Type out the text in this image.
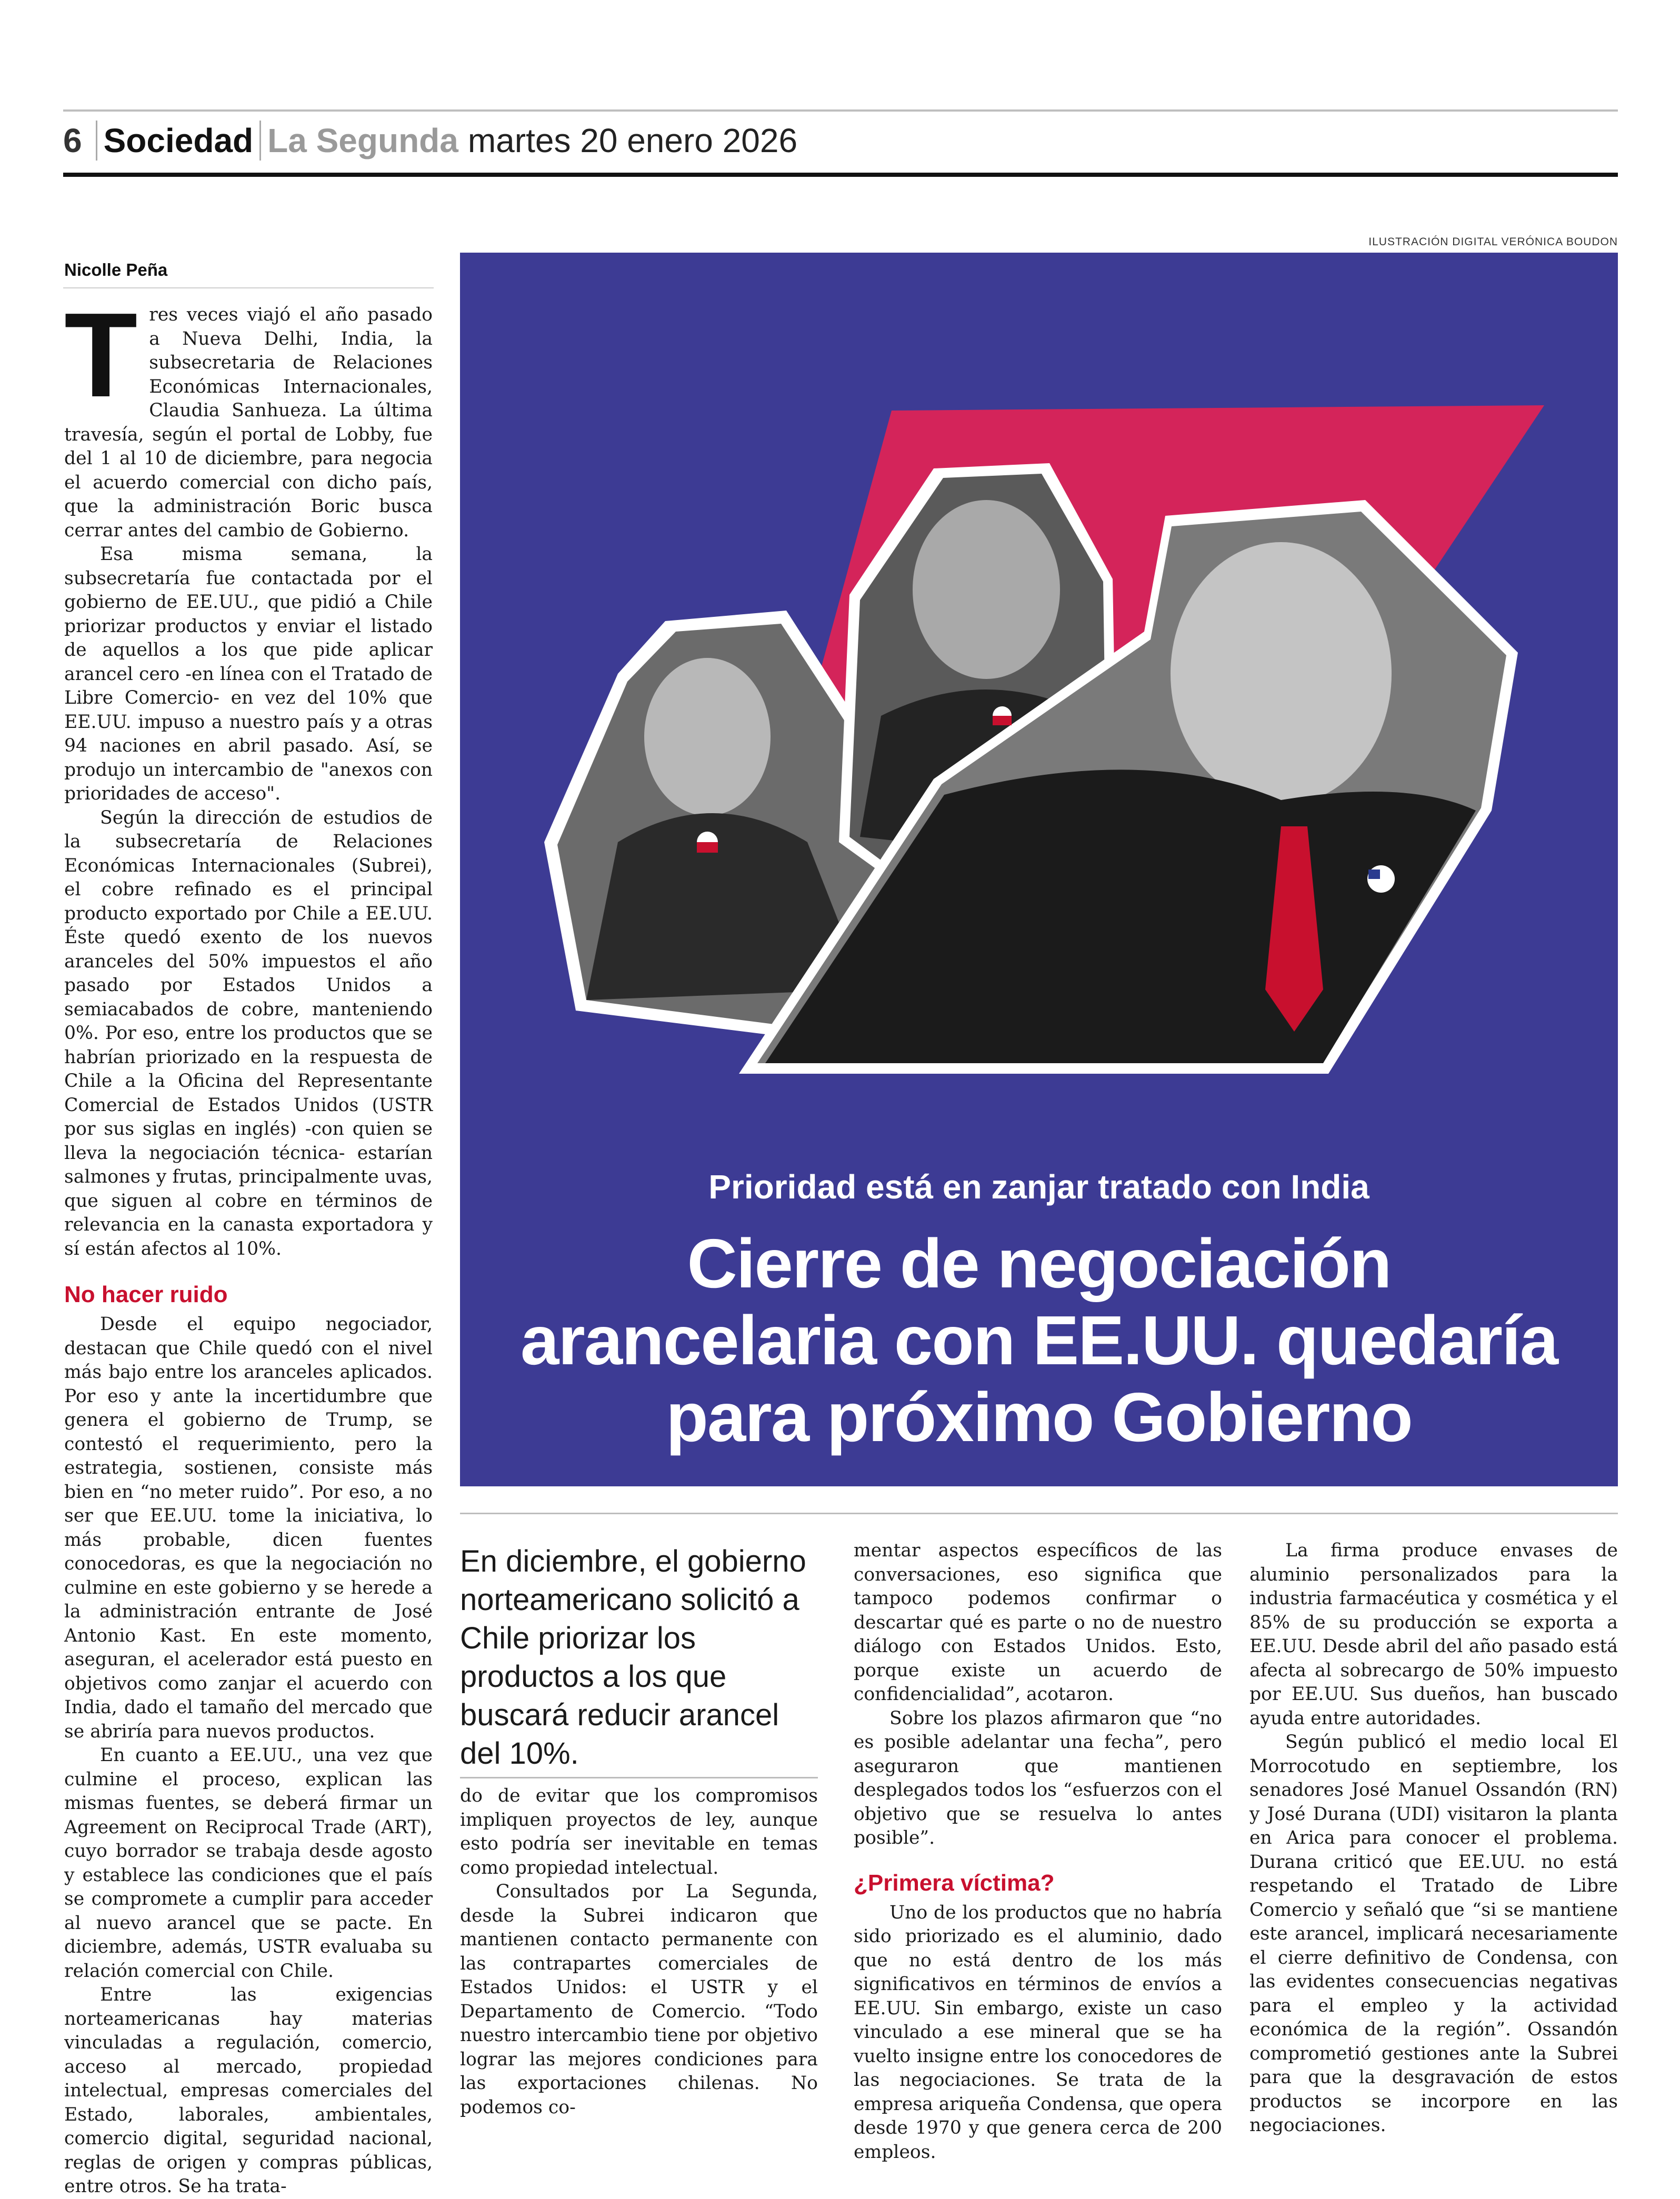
6 Sociedad La Segunda martes 20 enero 2026
ILUSTRACIÓN DIGITAL VERÓNICA BOUDON
Nicolle Peña
T res veces viajó el año pasado a Nueva Delhi, India, la subsecretaria de Relaciones Económicas Internacionales, Claudia Sanhueza. La última travesía, según el portal de Lobby, fue del 1 al 10 de diciembre, para negocia el acuerdo comercial con dicho país, que la administración Boric busca cerrar antes del cambio de Gobierno.

Esa misma semana, la subsecretaría fue contactada por el gobierno de EE.UU., que pidió a Chile priorizar productos y enviar el listado de aquellos a los que pide aplicar arancel cero -en línea con el Tratado de Libre Comercio- en vez del 10% que EE.UU. impuso a nuestro país y a otras 94 naciones en abril pasado. Así, se produjo un intercambio de "anexos con prioridades de acceso".

Según la dirección de estudios de la subsecretaría de Relaciones Económicas Internacionales (Subrei), el cobre refinado es el principal producto exportado por Chile a EE.UU. Éste quedó exento de los nuevos aranceles del 50% impuestos el año pasado por Estados Unidos a semiacabados de cobre, manteniendo 0%. Por eso, entre los productos que se habrían priorizado en la respuesta de Chile a la Oficina del Representante Comercial de Estados Unidos (USTR por sus siglas en inglés) -con quien se lleva la negociación técnica- estarían salmones y frutas, principalmente uvas, que siguen al cobre en términos de relevancia en la canasta exportadora y sí están afectos al 10%.

No hacer ruido

Desde el equipo negociador, destacan que Chile quedó con el nivel más bajo entre los aranceles aplicados. Por eso y ante la incertidumbre que genera el gobierno de Trump, se contestó el requerimiento, pero la estrategia, sostienen, consiste más bien en “no meter ruido”. Por eso, a no ser que EE.UU. tome la iniciativa, lo más probable, dicen fuentes conocedoras, es que la negociación no culmine en este gobierno y se herede a la administración entrante de José Antonio Kast. En este momento, aseguran, el acelerador está puesto en objetivos como zanjar el acuerdo con India, dado el tamaño del mercado que se abriría para nuevos productos.

En cuanto a EE.UU., una vez que culmine el proceso, explican las mismas fuentes, se deberá firmar un Agreement on Reciprocal Trade (ART), cuyo borrador se trabaja desde agosto y establece las condiciones que el país se compromete a cumplir para acceder al nuevo arancel que se pacte. En diciembre, además, USTR evaluaba su relación comercial con Chile.

Entre las exigencias norteamericanas hay materias vinculadas a regulación, comercio, acceso al mercado, propiedad intelectual, empresas comerciales del Estado, laborales, ambientales, comercio digital, seguridad nacional, reglas de origen y compras públicas, entre otros. Se ha trata-

Prioridad está en zanjar tratado con India
Cierre de negociación
arancelaria con EE.UU. quedaría
para próximo Gobierno
En diciembre, el gobierno norteamericano solicitó a Chile priorizar los productos a los que buscará reducir arancel del 10%.

do de evitar que los compromisos impliquen proyectos de ley, aunque esto podría ser inevitable en temas como propiedad intelectual.

Consultados por La Segunda, desde la Subrei indicaron que mantienen contacto permanente con las contrapartes comerciales de Estados Unidos: el USTR y el Departamento de Comercio. “Todo nuestro intercambio tiene por objetivo lograr las mejores condiciones para las exportaciones chilenas. No podemos co-

mentar aspectos específicos de las conversaciones, eso significa que tampoco podemos confirmar o descartar qué es parte o no de nuestro diálogo con Estados Unidos. Esto, porque existe un acuerdo de confidencialidad”, acotaron.

Sobre los plazos afirmaron que “no es posible adelantar una fecha”, pero aseguraron que mantienen desplegados todos los “esfuerzos con el objetivo que se resuelva lo antes posible”.

¿Primera víctima?

Uno de los productos que no habría sido priorizado es el aluminio, dado que no está dentro de los más significativos en términos de envíos a EE.UU. Sin embargo, existe un caso vinculado a ese mineral que se ha vuelto insigne entre los conocedores de las negociaciones. Se trata de la empresa ariqueña Condensa, que opera desde 1970 y que genera cerca de 200 empleos.

La firma produce envases de aluminio personalizados para la industria farmacéutica y cosmética y el 85% de su producción se exporta a EE.UU. Desde abril del año pasado está afecta al sobrecargo de 50% impuesto por EE.UU. Sus dueños, han buscado ayuda entre autoridades.

Según publicó el medio local El Morrocotudo en septiembre, los senadores José Manuel Ossandón (RN) y José Durana (UDI) visitaron la planta en Arica para conocer el problema. Durana criticó que EE.UU. no está respetando el Tratado de Libre Comercio y señaló que “si se mantiene este arancel, implicará necesariamente el cierre definitivo de Condensa, con las evidentes consecuencias negativas para el empleo y la actividad económica de la región”. Ossandón comprometió gestiones ante la Subrei para que la desgravación de estos productos se incorpore en las negociaciones.
